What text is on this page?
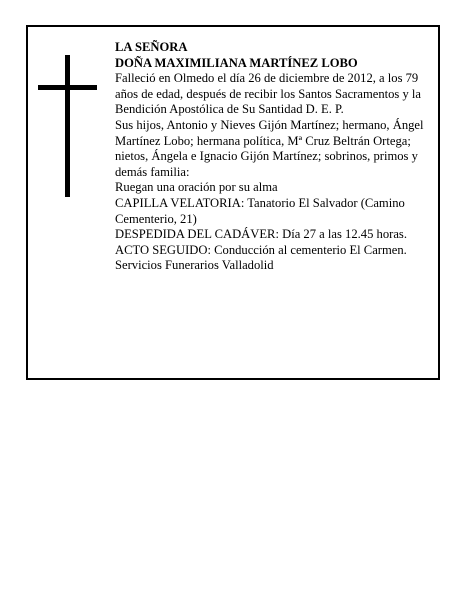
LA SEÑORA

DOÑA MAXIMILIANA MARTÍNEZ LOBO

Falleció en Olmedo el día 26 de diciembre de 2012, a los 79 años de edad, después de recibir los Santos Sacramentos y la Bendición Apostólica de Su Santidad D. E. P.

Sus hijos, Antonio y Nieves Gijón Martínez; hermano, Ángel Martínez Lobo; hermana política, Mª Cruz Beltrán Ortega; nietos, Ángela e Ignacio Gijón Martínez; sobrinos, primos y demás familia:

Ruegan una oración por su alma

CAPILLA VELATORIA: Tanatorio El Salvador (Camino Cementerio, 21)

DESPEDIDA DEL CADÁVER: Día 27 a las 12.45 horas. ACTO SEGUIDO: Conducción al cementerio El Carmen.

Servicios Funerarios Valladolid
